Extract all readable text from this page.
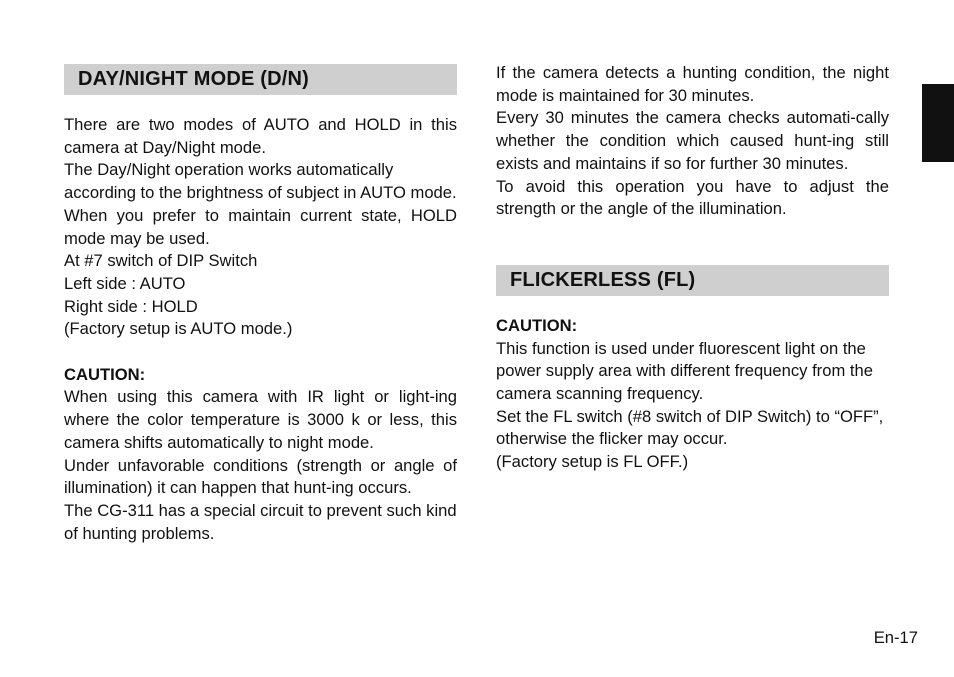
DAY/NIGHT MODE (D/N)

There are two modes of AUTO and HOLD in this camera at Day/Night mode.

The Day/Night operation works automatically according to the brightness of subject in AUTO mode.

When you prefer to maintain current state, HOLD mode may be used.

At #7 switch of DIP Switch

Left side : AUTO

Right side : HOLD

(Factory setup is AUTO mode.)

CAUTION:

When using this camera with IR light or light-ing where the color temperature is 3000 k or less, this camera shifts automatically to night mode.

Under unfavorable conditions (strength or angle of illumination) it can happen that hunt-ing occurs.

The CG-311 has a special circuit to prevent such kind of hunting problems.

If the camera detects a hunting condition, the night mode is maintained for 30 minutes.

Every 30 minutes the camera checks automati-cally whether the condition which caused hunt-ing still exists and maintains if so for further 30 minutes.

To avoid this operation you have to adjust the strength or the angle of the illumination.

FLICKERLESS (FL)

CAUTION:

This function is used under fluorescent light on the power supply area with different frequency from the camera scanning frequency.

Set the FL switch (#8 switch of DIP Switch) to “OFF”, otherwise the flicker may occur.

(Factory setup is FL OFF.)

En-17
